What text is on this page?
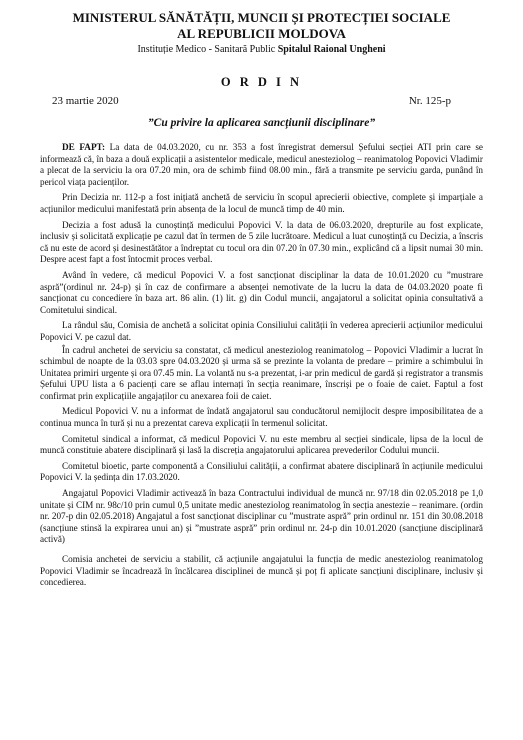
MINISTERUL SĂNĂTĂȚII, MUNCII ȘI PROTECȚIEI SOCIALE
AL REPUBLICII MOLDOVA

Instituție Medico - Sanitară Public Spitalul Raional Ungheni

O R D I N

23 martie 2020	Nr. 125-p

”Cu privire la aplicarea sancțiunii disciplinare”

DE FAPT: La data de 04.03.2020, cu nr. 353 a fost înregistrat demersul Șefului secției ATI prin care se informează că, în baza a două explicații a asistentelor medicale, medicul anesteziolog – reanimatolog Popovici Vladimir a plecat de la serviciu la ora 07.20 min, ora de schimb fiind 08.00 min., fără a transmite pe serviciu garda, punând în pericol viața pacienților.

Prin Decizia nr. 112-p a fost inițiată anchetă de serviciu în scopul aprecierii obiective, complete și imparțiale a acțiunilor medicului manifestată prin absența de la locul de muncă timp de 40 min.

Decizia a fost adusă la cunoștință medicului Popovici V. la data de 06.03.2020, drepturile au fost explicate, inclusiv și solicitată explicație pe cazul dat în termen de 5 zile lucrătoare. Medicul a luat cunoștință cu Decizia, a înscris că nu este de acord și desinestătător a îndreptat cu tocul ora din 07.20 în 07.30 min., explicând că a lipsit numai 30 min. Despre acest fapt a fost întocmit proces verbal.

Având în vedere, că medicul Popovici V. a fost sancționat disciplinar la data de 10.01.2020 cu ”mustrare aspră”(ordinul nr. 24-p) și în caz de confirmare a absenței nemotivate de la lucru la data de 04.03.2020 poate fi sancționat cu concediere în baza art. 86 alin. (1) lit. g) din Codul muncii, angajatorul a solicitat opinia consultativă a Comitetului sindical.

La rândul său, Comisia de anchetă a solicitat opinia Consiliului calității în vederea aprecierii acțiunilor medicului Popovici V. pe cazul dat.

În cadrul anchetei de serviciu sa constatat, că medicul anesteziolog reanimatolog – Popovici Vladimir a lucrat în schimbul de noapte de la 03.03 spre 04.03.2020 și urma să se prezinte la volanta de predare – primire a schimbului în Unitatea primiri urgente și ora 07.45 min. La volantă nu s-a prezentat, i-ar prin medicul de gardă și registrator a transmis Șefului UPU lista a 6 pacienți care se aflau internați în secția reanimare, înscriși pe o foaie de caiet. Faptul a fost confirmat prin explicațiile angajaților cu anexarea foii de caiet.

Medicul Popovici V. nu a informat de îndată angajatorul sau conducătorul nemijlocit despre imposibilitatea de a continua munca în tură și nu a prezentat careva explicații în termenul solicitat.

Comitetul sindical a informat, că medicul Popovici V. nu este membru al secției sindicale, lipsa de la locul de muncă constituie abatere disciplinară și lasă la discreția angajatorului aplicarea prevederilor Codului muncii.

Comitetul bioetic, parte componentă a Consiliului calității, a confirmat abatere disciplinară în acțiunile medicului Popovici V. la ședința din 17.03.2020.

Angajatul Popovici Vladimir activează în baza Contractului individual de muncă nr. 97/18 din 02.05.2018 pe 1,0 unitate și CIM nr. 98c/10 prin cumul 0,5 unitate medic anesteziolog reanimatolog în secția anestezie – reanimare. (ordin nr. 207-p din 02.05.2018) Angajatul a fost sancționat disciplinar cu ”mustrate aspră” prin ordinul nr. 151 din 30.08.2018 (sancțiune stinsă la expirarea unui an) și ”mustrate aspră” prin ordinul nr. 24-p din 10.01.2020 (sancțiune disciplinară activă)

Comisia anchetei de serviciu a stabilit, că acțiunile angajatului la funcția de medic anesteziolog reanimatolog Popovici Vladimir se încadrează în încălcarea disciplinei de muncă și poț fi aplicate sancțiuni disciplinare, inclusiv și concedierea.
